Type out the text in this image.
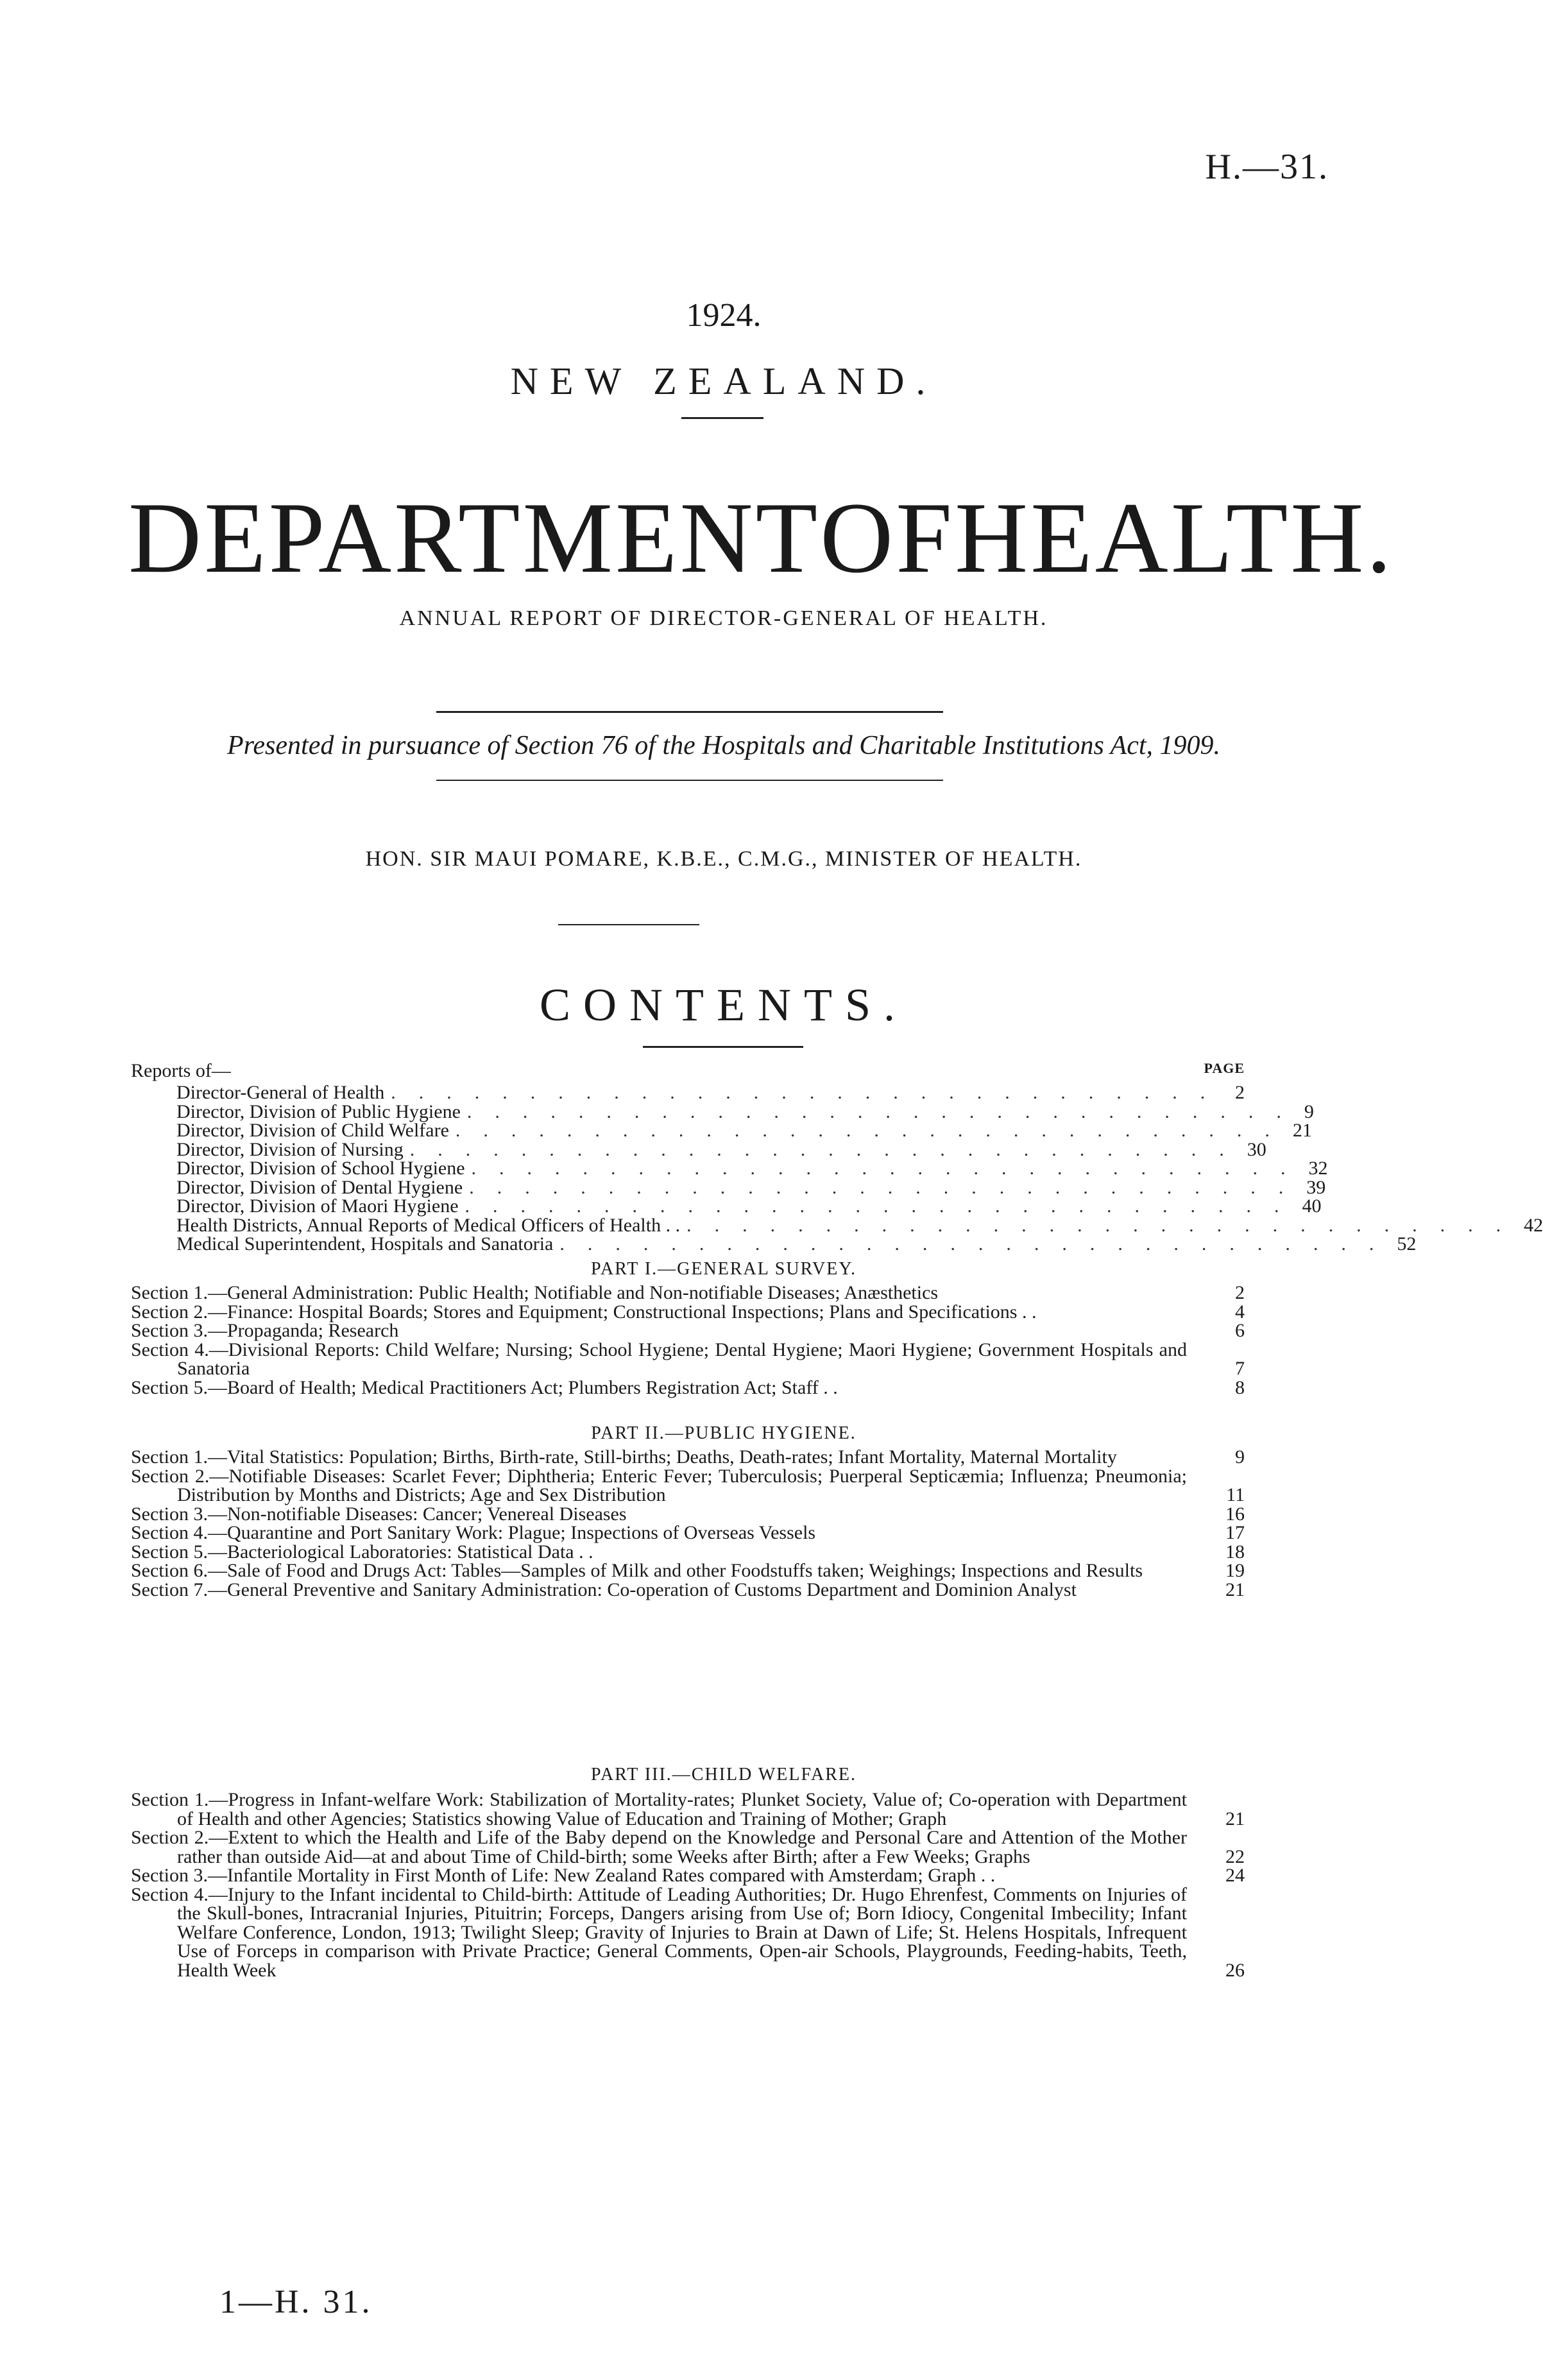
H.—31.
1924.
NEW ZEALAND.
DEPARTMENT OF HEALTH.
ANNUAL REPORT OF DIRECTOR-GENERAL OF HEALTH.
Presented in pursuance of Section 76 of the Hospitals and Charitable Institutions Act, 1909.
HON. SIR MAUI POMARE, K.B.E., C.M.G., MINISTER OF HEALTH.
CONTENTS.
Reports of—	PAGE
Director-General of Health .............................. 2
Director, Division of Public Hygiene .............................. 9
Director, Division of Child Welfare .............................. 21
Director, Division of Nursing .............................. 30
Director, Division of School Hygiene .............................. 32
Director, Division of Dental Hygiene .............................. 39
Director, Division of Maori Hygiene .............................. 40
Health Districts, Annual Reports of Medical Officers of Health . . .............................. 42
Medical Superintendent, Hospitals and Sanatoria .............................. 52
PART I.—GENERAL SURVEY.
Section 1.—General Administration: Public Health; Notifiable and Non-notifiable Diseases; Anæsthetics	2
Section 2.—Finance: Hospital Boards; Stores and Equipment; Constructional Inspections; Plans and Specifications . .	4
Section 3.—Propaganda; Research	6
Section 4.—Divisional Reports: Child Welfare; Nursing; School Hygiene; Dental Hygiene; Maori Hygiene; Government Hospitals and Sanatoria	7
Section 5.—Board of Health; Medical Practitioners Act; Plumbers Registration Act; Staff . .	8
PART II.—PUBLIC HYGIENE.
Section 1.—Vital Statistics: Population; Births, Birth-rate, Still-births; Deaths, Death-rates; Infant Mortality, Maternal Mortality	9
Section 2.—Notifiable Diseases: Scarlet Fever; Diphtheria; Enteric Fever; Tuberculosis; Puerperal Septicæmia; Influenza; Pneumonia; Distribution by Months and Districts; Age and Sex Distribution	11
Section 3.—Non-notifiable Diseases: Cancer; Venereal Diseases	16
Section 4.—Quarantine and Port Sanitary Work: Plague; Inspections of Overseas Vessels	17
Section 5.—Bacteriological Laboratories: Statistical Data . .	18
Section 6.—Sale of Food and Drugs Act: Tables—Samples of Milk and other Foodstuffs taken; Weighings; Inspections and Results	19
Section 7.—General Preventive and Sanitary Administration: Co-operation of Customs Department and Dominion Analyst	21
PART III.—CHILD WELFARE.
Section 1.—Progress in Infant-welfare Work: Stabilization of Mortality-rates; Plunket Society, Value of; Co-operation with Department of Health and other Agencies; Statistics showing Value of Education and Training of Mother; Graph	21
Section 2.—Extent to which the Health and Life of the Baby depend on the Knowledge and Personal Care and Attention of the Mother rather than outside Aid—at and about Time of Child-birth; some Weeks after Birth; after a Few Weeks; Graphs	22
Section 3.—Infantile Mortality in First Month of Life: New Zealand Rates compared with Amsterdam; Graph . .	24
Section 4.—Injury to the Infant incidental to Child-birth: Attitude of Leading Authorities; Dr. Hugo Ehrenfest, Comments on Injuries of the Skull-bones, Intracranial Injuries, Pituitrin; Forceps, Dangers arising from Use of; Born Idiocy, Congenital Imbecility; Infant Welfare Conference, London, 1913; Twilight Sleep; Gravity of Injuries to Brain at Dawn of Life; St. Helens Hospitals, Infrequent Use of Forceps in comparison with Private Practice; General Comments, Open-air Schools, Playgrounds, Feeding-habits, Teeth, Health Week	26
1—H. 31.
